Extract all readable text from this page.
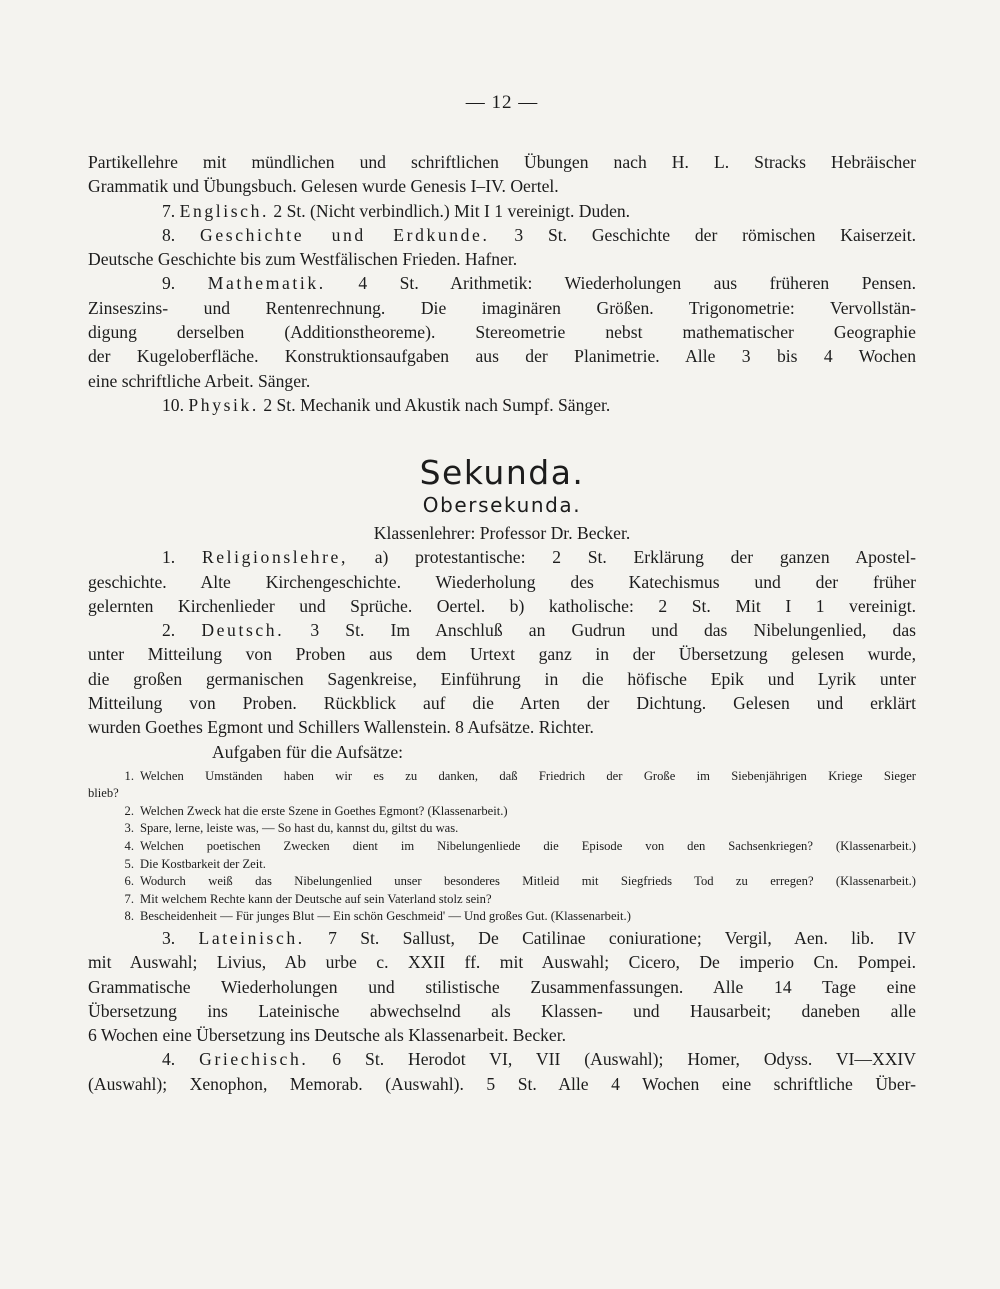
— 12 —
Partikellehre mit mündlichen und schriftlichen Übungen nach H. L. Stracks Hebräischer
Grammatik und Übungsbuch. Gelesen wurde Genesis I–IV. Oertel.
7. Englisch. 2 St. (Nicht verbindlich.) Mit I 1 vereinigt. Duden.
8. Geschichte und Erdkunde. 3 St. Geschichte der römischen Kaiserzeit.
Deutsche Geschichte bis zum Westfälischen Frieden. Hafner.
9. Mathematik. 4 St. Arithmetik: Wiederholungen aus früheren Pensen.
Zinseszins- und Rentenrechnung. Die imaginären Größen. Trigonometrie: Vervollstän-
digung derselben (Additionstheoreme). Stereometrie nebst mathematischer Geographie
der Kugeloberfläche. Konstruktionsaufgaben aus der Planimetrie. Alle 3 bis 4 Wochen
eine schriftliche Arbeit. Sänger.
10. Physik. 2 St. Mechanik und Akustik nach Sumpf. Sänger.
Sekunda.
Obersekunda.
Klassenlehrer: Professor Dr. Becker.
1. Religionslehre, a) protestantische: 2 St. Erklärung der ganzen Apostel-
geschichte. Alte Kirchengeschichte. Wiederholung des Katechismus und der früher
gelernten Kirchenlieder und Sprüche. Oertel. b) katholische: 2 St. Mit I 1 vereinigt.
2. Deutsch. 3 St. Im Anschluß an Gudrun und das Nibelungenlied, das
unter Mitteilung von Proben aus dem Urtext ganz in der Übersetzung gelesen wurde,
die großen germanischen Sagenkreise, Einführung in die höfische Epik und Lyrik unter
Mitteilung von Proben. Rückblick auf die Arten der Dichtung. Gelesen und erklärt
wurden Goethes Egmont und Schillers Wallenstein. 8 Aufsätze. Richter.
Aufgaben für die Aufsätze:
1. Welchen Umständen haben wir es zu danken, daß Friedrich der Große im Siebenjährigen Kriege Sieger
blieb?
2. Welchen Zweck hat die erste Szene in Goethes Egmont? (Klassenarbeit.)
3. Spare, lerne, leiste was, — So hast du, kannst du, giltst du was.
4. Welchen poetischen Zwecken dient im Nibelungenliede die Episode von den Sachsenkriegen? (Klassenarbeit.)
5. Die Kostbarkeit der Zeit.
6. Wodurch weiß das Nibelungenlied unser besonderes Mitleid mit Siegfrieds Tod zu erregen? (Klassenarbeit.)
7. Mit welchem Rechte kann der Deutsche auf sein Vaterland stolz sein?
8. Bescheidenheit — Für junges Blut — Ein schön Geschmeid' — Und großes Gut. (Klassenarbeit.)
3. Lateinisch. 7 St. Sallust, De Catilinae coniuratione; Vergil, Aen. lib. IV
mit Auswahl; Livius, Ab urbe c. XXII ff. mit Auswahl; Cicero, De imperio Cn. Pompei.
Grammatische Wiederholungen und stilistische Zusammenfassungen. Alle 14 Tage eine
Übersetzung ins Lateinische abwechselnd als Klassen- und Hausarbeit; daneben alle
6 Wochen eine Übersetzung ins Deutsche als Klassenarbeit. Becker.
4. Griechisch. 6 St. Herodot VI, VII (Auswahl); Homer, Odyss. VI—XXIV
(Auswahl); Xenophon, Memorab. (Auswahl). 5 St. Alle 4 Wochen eine schriftliche Über-
